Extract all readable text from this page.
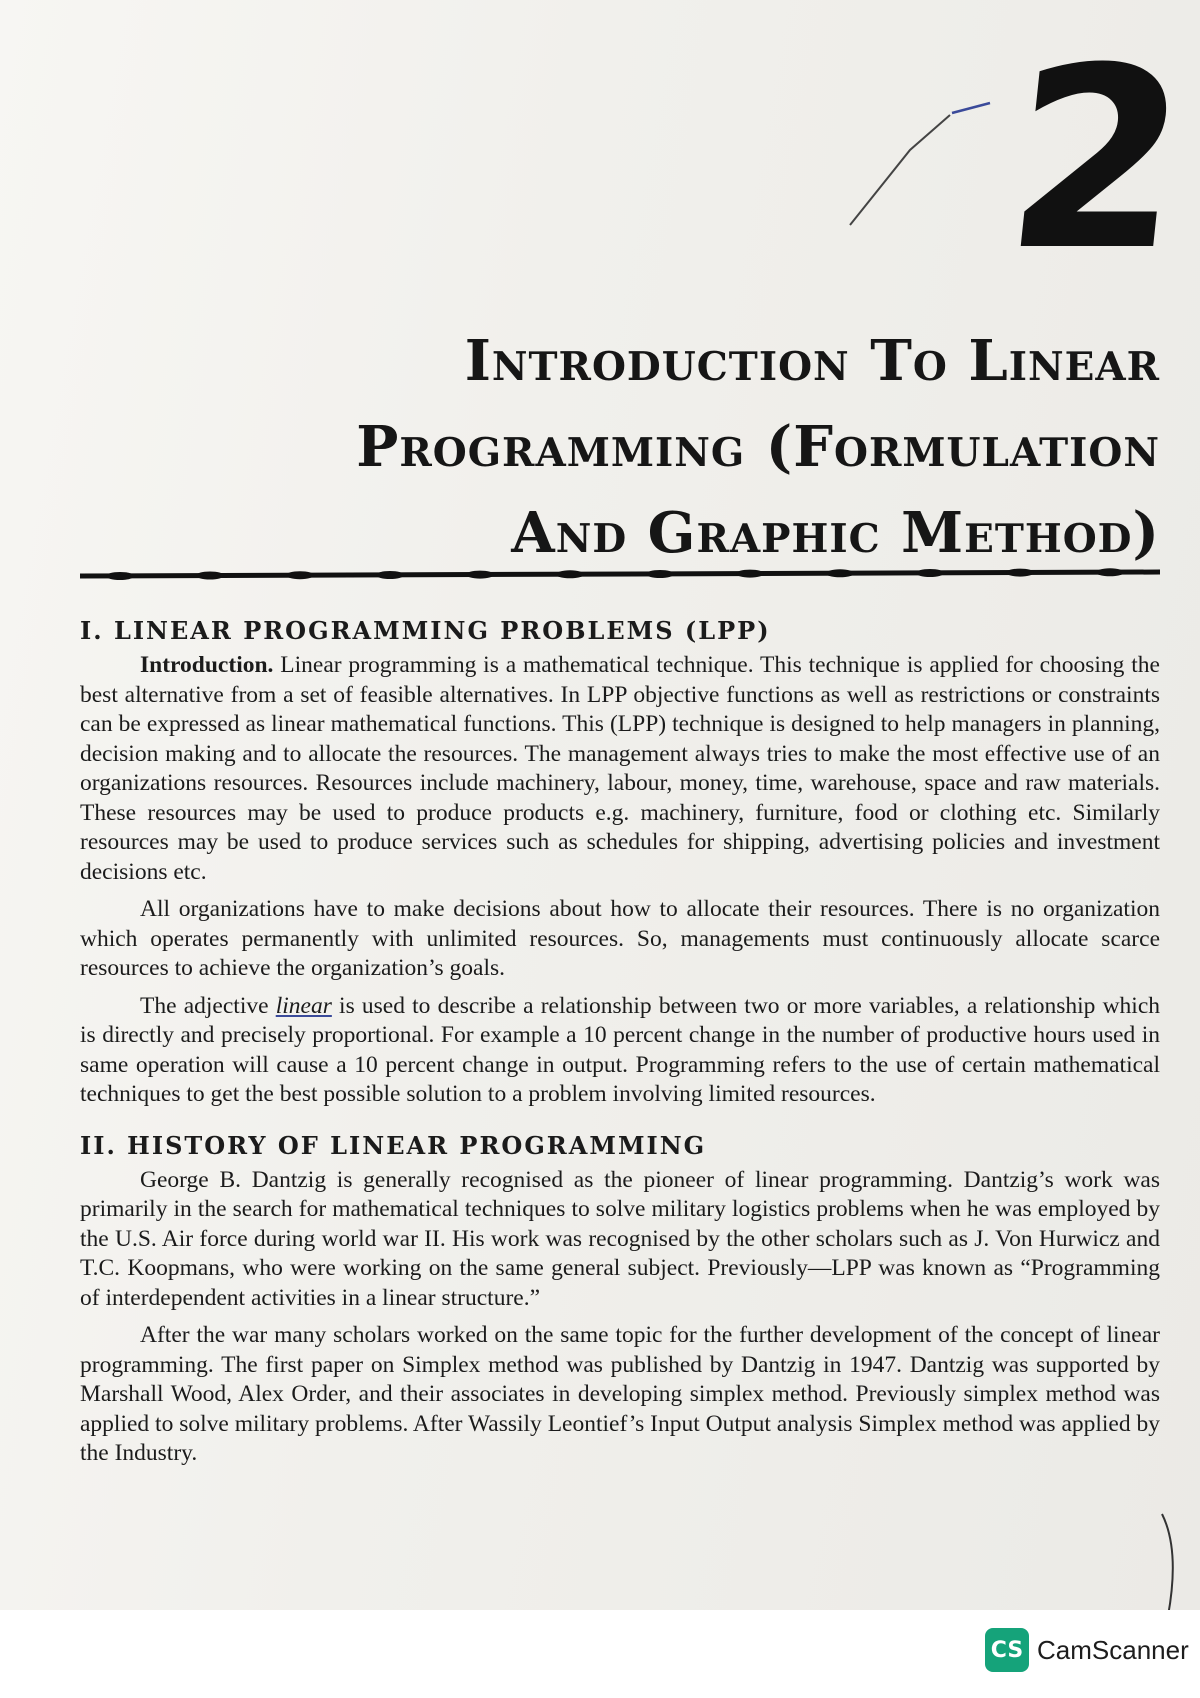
2
Introduction To Linear
Programming (Formulation
And Graphic Method)
I. LINEAR PROGRAMMING PROBLEMS (LPP)

Introduction. Linear programming is a mathematical technique. This technique is applied for choosing the best alternative from a set of feasible alternatives. In LPP objective functions as well as restrictions or constraints can be expressed as linear mathematical functions. This (LPP) technique is designed to help managers in planning, decision making and to allocate the resources. The management always tries to make the most effective use of an organizations resources. Resources include machinery, labour, money, time, warehouse, space and raw materials. These resources may be used to produce products e.g. machinery, furniture, food or clothing etc. Similarly resources may be used to produce services such as schedules for shipping, advertising policies and investment decisions etc.

All organizations have to make decisions about how to allocate their resources. There is no organization which operates permanently with unlimited resources. So, managements must continuously allocate scarce resources to achieve the organization’s goals.

The adjective linear is used to describe a relationship between two or more variables, a relationship which is directly and precisely proportional. For example a 10 percent change in the number of productive hours used in same operation will cause a 10 percent change in output. Programming refers to the use of certain mathematical techniques to get the best possible solution to a problem involving limited resources.

II. HISTORY OF LINEAR PROGRAMMING

George B. Dantzig is generally recognised as the pioneer of linear programming. Dantzig’s work was primarily in the search for mathematical techniques to solve military logistics problems when he was employed by the U.S. Air force during world war II. His work was recognised by the other scholars such as J. Von Hurwicz and T.C. Koopmans, who were working on the same general subject. Previously—LPP was known as “Programming of interdependent activities in a linear structure.”

After the war many scholars worked on the same topic for the further development of the concept of linear programming. The first paper on Simplex method was published by Dantzig in 1947. Dantzig was supported by Marshall Wood, Alex Order, and their associates in developing simplex method. Previously simplex method was applied to solve military problems. After Wassily Leontief’s Input Output analysis Simplex method was applied by the Industry.

CS CamScanner
